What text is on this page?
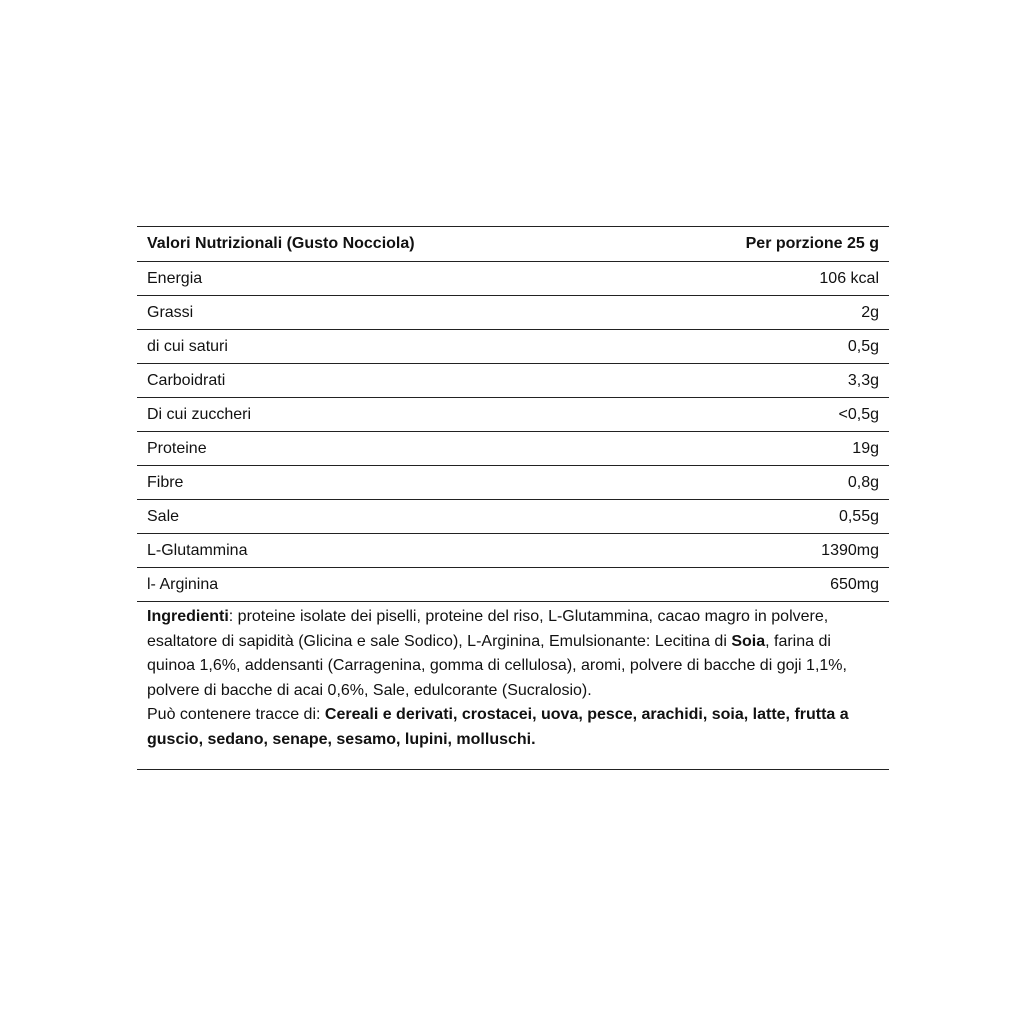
Valori Nutrizionali (Gusto Nocciola)	Per porzione 25 g
Energia	106 kcal
Grassi	2g
di cui saturi	0,5g
Carboidrati	3,3g
Di cui zuccheri	<0,5g
Proteine	19g
Fibre	0,8g
Sale	0,55g
L-Glutammina	1390mg
l- Arginina	650mg

Ingredienti: proteine isolate dei piselli, proteine del riso, L-Glutammina, cacao magro in polvere, esaltatore di sapidità (Glicina e sale Sodico), L-Arginina, Emulsionante: Lecitina di Soia, farina di quinoa 1,6%, addensanti (Carragenina, gomma di cellulosa), aromi, polvere di bacche di goji 1,1%, polvere di bacche di acai 0,6%, Sale, edulcorante (Sucralosio).

Può contenere tracce di: Cereali e derivati, crostacei, uova, pesce, arachidi, soia, latte, frutta a guscio, sedano, senape, sesamo, lupini, molluschi.
